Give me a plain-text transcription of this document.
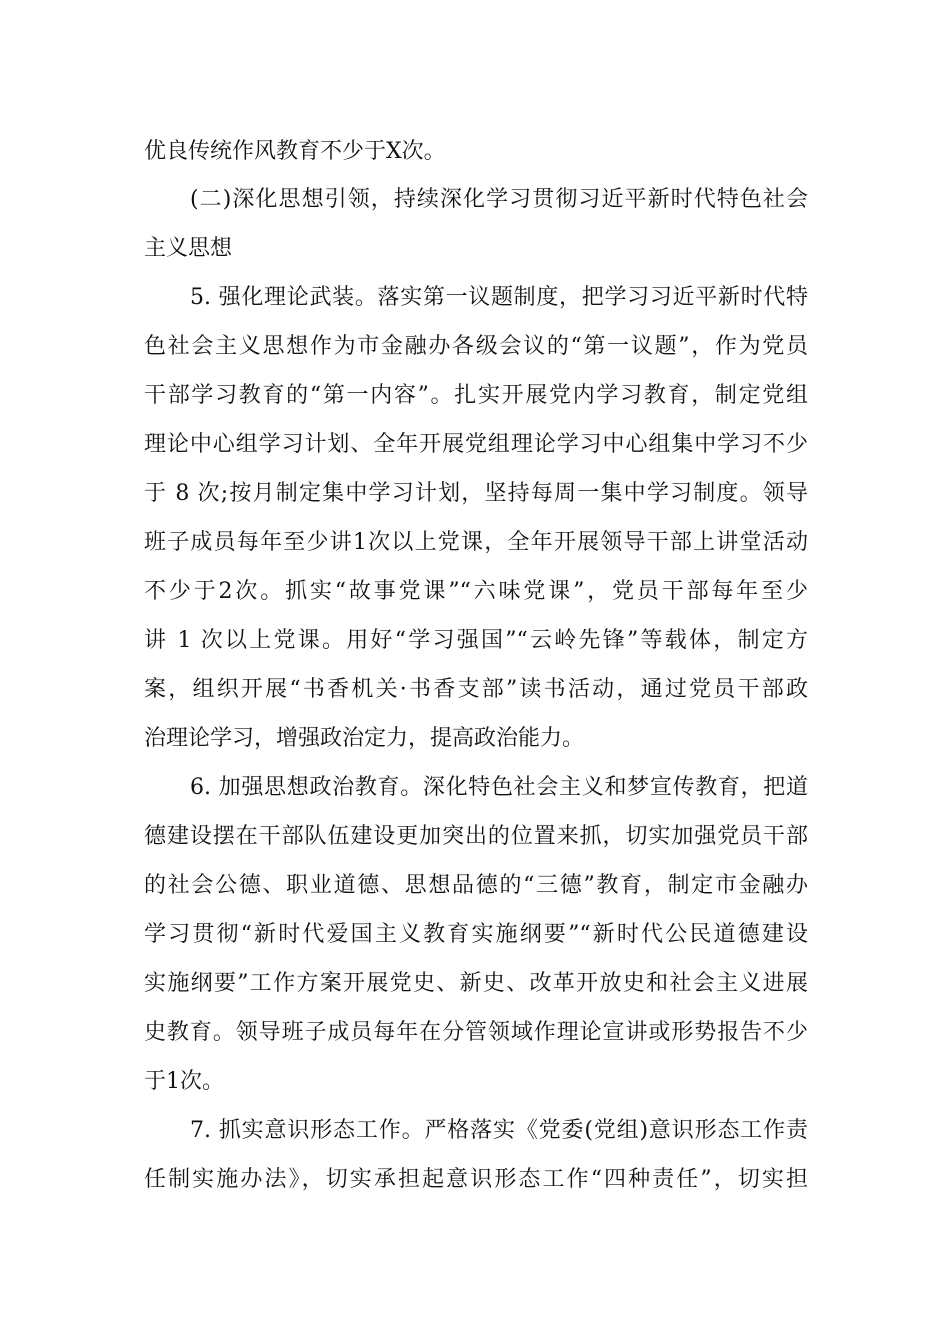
优良传统作风教育不少于X次。
(二)深化思想引领，持续深化学习贯彻习近平新时代特色社会
主义思想
5. 强化理论武装。落实第一议题制度，把学习习近平新时代特
色社会主义思想作为市金融办各级会议的“第一议题”，作为党员
干部学习教育的“第一内容”。扎实开展党内学习教育，制定党组
理论中心组学习计划、全年开展党组理论学习中心组集中学习不少
于 8 次;按月制定集中学习计划，坚持每周一集中学习制度。领导
班子成员每年至少讲1次以上党课，全年开展领导干部上讲堂活动
不少于2次。抓实“故事党课”“六味党课”，党员干部每年至少
讲 1 次以上党课。用好“学习强国”“云岭先锋”等载体，制定方
案，组织开展“书香机关·书香支部”读书活动，通过党员干部政
治理论学习，增强政治定力，提高政治能力。
6. 加强思想政治教育。深化特色社会主义和梦宣传教育，把道
德建设摆在干部队伍建设更加突出的位置来抓，切实加强党员干部
的社会公德、职业道德、思想品德的“三德”教育，制定市金融办
学习贯彻“新时代爱国主义教育实施纲要”“新时代公民道德建设
实施纲要”工作方案开展党史、新史、改革开放史和社会主义进展
史教育。领导班子成员每年在分管领域作理论宣讲或形势报告不少
于1次。
7. 抓实意识形态工作。严格落实《党委(党组)意识形态工作责
任制实施办法》，切实承担起意识形态工作“四种责任”，切实担
